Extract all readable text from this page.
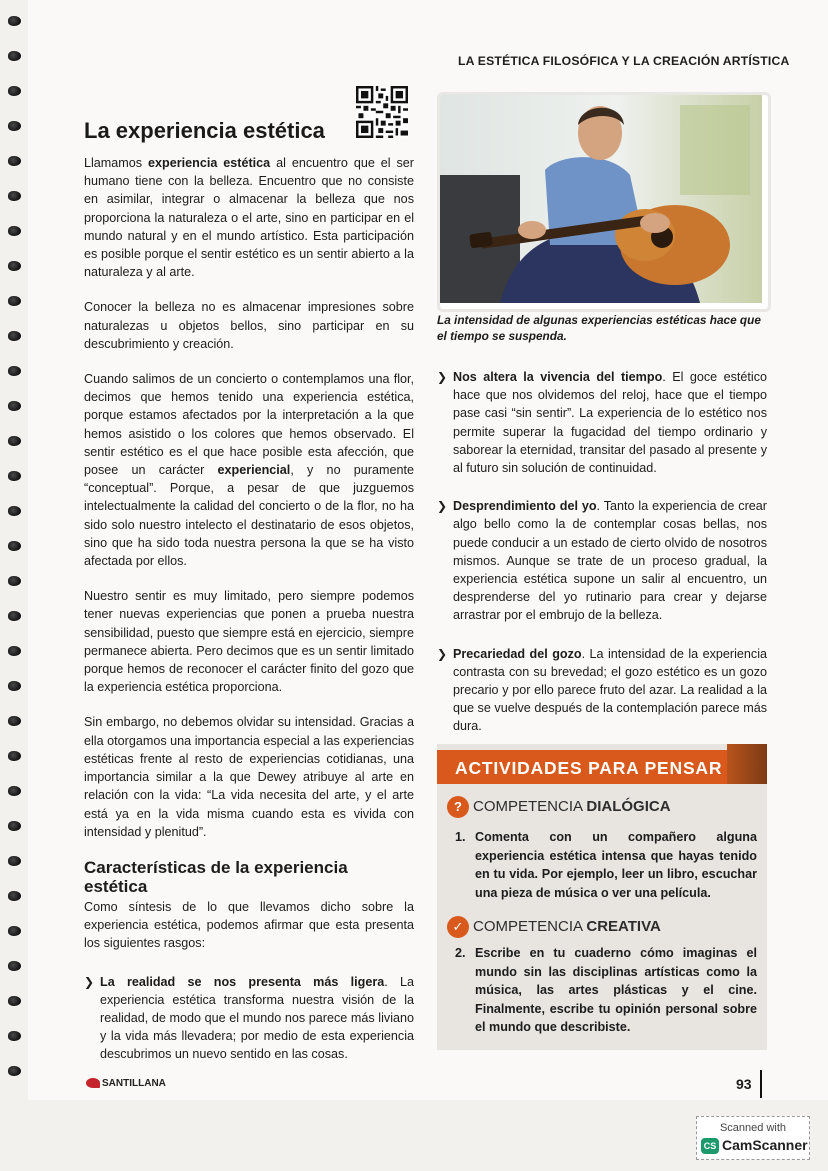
LA ESTÉTICA FILOSÓFICA Y LA CREACIÓN ARTÍSTICA
La experiencia estética

Llamamos experiencia estética al encuentro que el ser humano tiene con la belleza. Encuentro que no consiste en asimilar, integrar o almacenar la belleza que nos proporciona la naturaleza o el arte, sino en participar en el mundo natural y en el mundo artístico. Esta participación es posible porque el sentir estético es un sentir abierto a la naturaleza y al arte.

Conocer la belleza no es almacenar impresiones sobre naturalezas u objetos bellos, sino participar en su descubrimiento y creación.

Cuando salimos de un concierto o contemplamos una flor, decimos que hemos tenido una experiencia estética, porque estamos afectados por la interpretación a la que hemos asistido o los colores que hemos observado. El sentir estético es el que hace posible esta afección, que posee un carácter experiencial, y no puramente “conceptual”. Porque, a pesar de que juzguemos intelectualmente la calidad del concierto o de la flor, no ha sido solo nuestro intelecto el destinatario de esos objetos, sino que ha sido toda nuestra persona la que se ha visto afectada por ellos.

Nuestro sentir es muy limitado, pero siempre podemos tener nuevas experiencias que ponen a prueba nuestra sensibilidad, puesto que siempre está en ejercicio, siempre permanece abierta. Pero decimos que es un sentir limitado porque hemos de reconocer el carácter finito del gozo que la experiencia estética proporciona.

Sin embargo, no debemos olvidar su intensidad. Gracias a ella otorgamos una importancia especial a las experiencias estéticas frente al resto de experiencias cotidianas, una importancia similar a la que Dewey atribuye al arte en relación con la vida: “La vida necesita del arte, y el arte está ya en la vida misma cuando esta es vivida con intensidad y plenitud”.

Características de la experiencia estética

Como síntesis de lo que llevamos dicho sobre la experiencia estética, podemos afirmar que esta presenta los siguientes rasgos:

❯ La realidad se nos presenta más ligera. La experiencia estética transforma nuestra visión de la realidad, de modo que el mundo nos parece más liviano y la vida más llevadera; por medio de esta experiencia descubrimos un nuevo sentido en las cosas.
La intensidad de algunas experiencias estéticas hace que el tiempo se suspenda.
❯ Nos altera la vivencia del tiempo. El goce estético hace que nos olvidemos del reloj, hace que el tiempo pase casi “sin sentir”. La experiencia de lo estético nos permite superar la fugacidad del tiempo ordinario y saborear la eternidad, transitar del pasado al presente y al futuro sin solución de continuidad.
❯ Desprendimiento del yo. Tanto la experiencia de crear algo bello como la de contemplar cosas bellas, nos puede conducir a un estado de cierto olvido de nosotros mismos. Aunque se trate de un proceso gradual, la experiencia estética supone un salir al encuentro, un desprenderse del yo rutinario para crear y dejarse arrastrar por el embrujo de la belleza.
❯ Precariedad del gozo. La intensidad de la experiencia contrasta con su brevedad; el gozo estético es un gozo precario y por ello parece fruto del azar. La realidad a la que se vuelve después de la contemplación parece más dura.
ACTIVIDADES PARA PENSAR
? COMPETENCIA DIALÓGICA
1. Comenta con un compañero alguna experiencia estética intensa que hayas tenido en tu vida. Por ejemplo, leer un libro, escuchar una pieza de música o ver una película.
✓ COMPETENCIA CREATIVA
2. Escribe en tu cuaderno cómo imaginas el mundo sin las disciplinas artísticas como la música, las artes plásticas y el cine. Finalmente, escribe tu opinión personal sobre el mundo que describiste.
SANTILLANA	93
Scanned with
CS CamScanner
